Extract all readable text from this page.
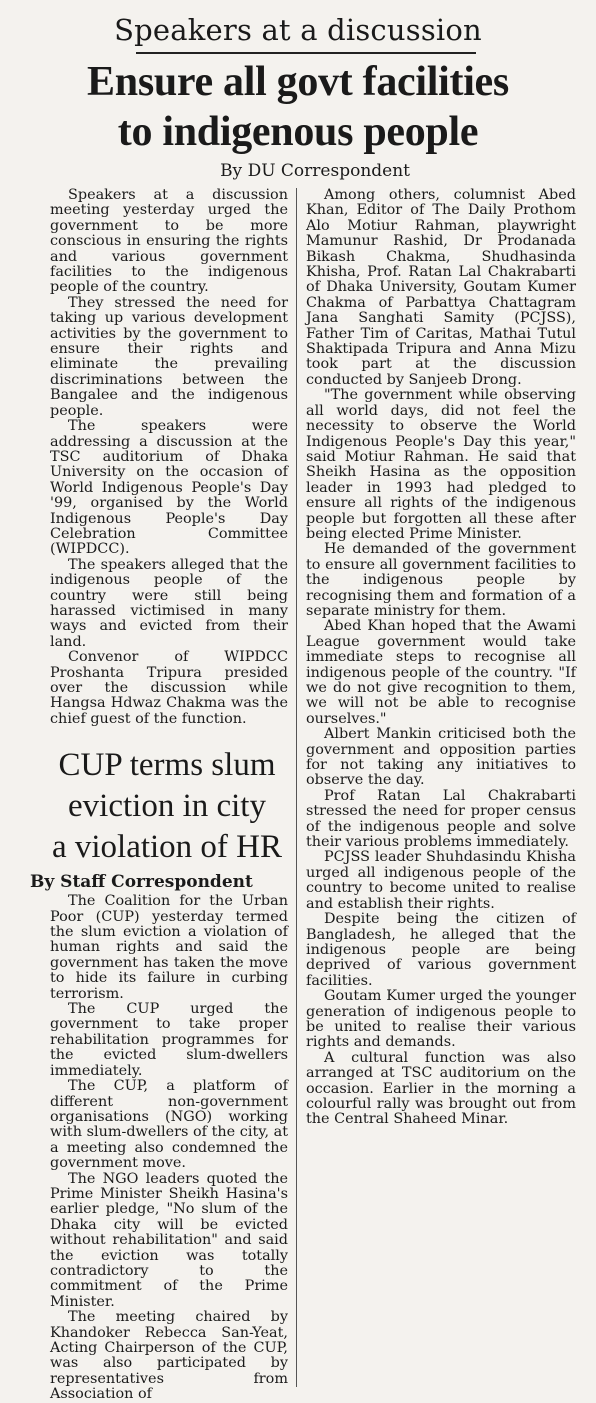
Speakers at a discussion
Ensure all govt facilities
to indigenous people
By DU Correspondent

Speakers at a discussion meeting yesterday urged the government to be more conscious in ensuring the rights and various government facilities to the indigenous people of the country.

They stressed the need for taking up various development activities by the government to ensure their rights and eliminate the prevailing discriminations between the Bangalee and the indigenous people.

The speakers were addressing a discussion at the TSC auditorium of Dhaka University on the occasion of World Indigenous People's Day '99, organised by the World Indigenous People's Day Celebration Committee (WIPDCC).

The speakers alleged that the indigenous people of the country were still being harassed victimised in many ways and evicted from their land.

Convenor of WIPDCC Proshanta Tripura presided over the discussion while Hangsa Hdwaz Chakma was the chief guest of the function.

CUP terms slum
eviction in city
a violation of HR
By Staff Correspondent

The Coalition for the Urban Poor (CUP) yesterday termed the slum eviction a violation of human rights and said the government has taken the move to hide its failure in curbing terrorism.

The CUP urged the government to take proper rehabilitation programmes for the evicted slum-dwellers immediately.

The CUP, a platform of different non-government organisations (NGO) working with slum-dwellers of the city, at a meeting also condemned the government move.

The NGO leaders quoted the Prime Minister Sheikh Hasina's earlier pledge, "No slum of the Dhaka city will be evicted without rehabilitation" and said the eviction was totally contradictory to the commitment of the Prime Minister.

The meeting chaired by Khandoker Rebecca San-Yeat, Acting Chairperson of the CUP, was also participated by representatives from Association of

Among others, columnist Abed Khan, Editor of The Daily Prothom Alo Motiur Rahman, playwright Mamunur Rashid, Dr Prodanada Bikash Chakma, Shudhasinda Khisha, Prof. Ratan Lal Chakrabarti of Dhaka University, Goutam Kumer Chakma of Parbattya Chattagram Jana Sanghati Samity (PCJSS), Father Tim of Caritas, Mathai Tutul Shaktipada Tripura and Anna Mizu took part at the discussion conducted by Sanjeeb Drong.

"The government while observing all world days, did not feel the necessity to observe the World Indigenous People's Day this year," said Motiur Rahman. He said that Sheikh Hasina as the opposition leader in 1993 had pledged to ensure all rights of the indigenous people but forgotten all these after being elected Prime Minister.

He demanded of the government to ensure all government facilities to the indigenous people by recognising them and formation of a separate ministry for them.

Abed Khan hoped that the Awami League government would take immediate steps to recognise all indigenous people of the country. "If we do not give recognition to them, we will not be able to recognise ourselves."

Albert Mankin criticised both the government and opposition parties for not taking any initiatives to observe the day.

Prof Ratan Lal Chakrabarti stressed the need for proper census of the indigenous people and solve their various problems immediately.

PCJSS leader Shuhdasindu Khisha urged all indigenous people of the country to become united to realise and establish their rights.

Despite being the citizen of Bangladesh, he alleged that the indigenous people are being deprived of various government facilities.

Goutam Kumer urged the younger generation of indigenous people to be united to realise their various rights and demands.

A cultural function was also arranged at TSC auditorium on the occasion. Earlier in the morning a colourful rally was brought out from the Central Shaheed Minar.
